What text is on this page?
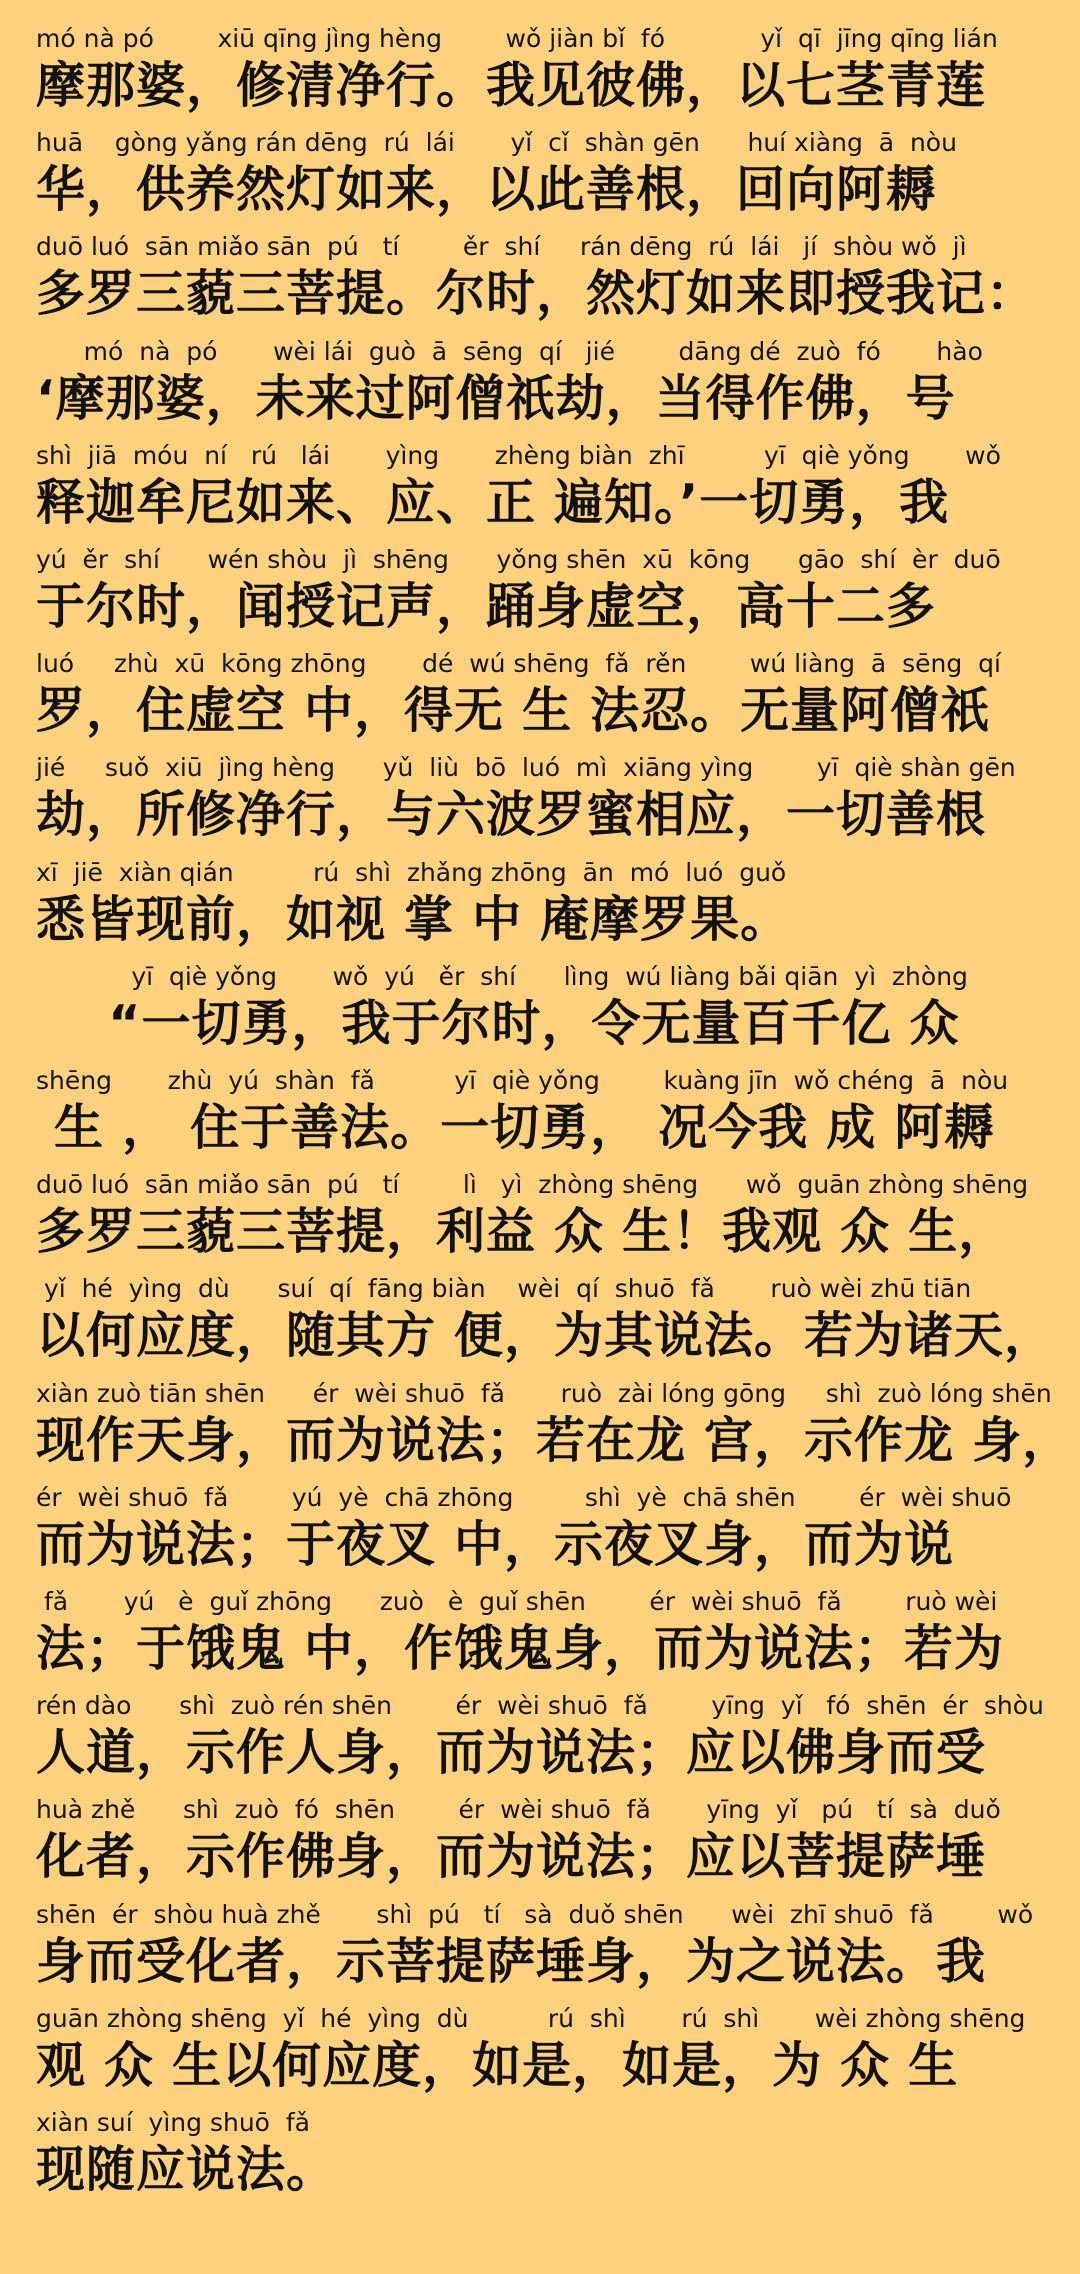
mó nà pó        xiū qīng jìng hèng        wǒ jiàn bǐ  fó            yǐ  qī  jīng qīng lián
摩那婆，修清净行。我见彼佛，以七茎青莲
huā    gòng yǎng rán dēng  rú  lái       yǐ  cǐ  shàn gēn      huí xiàng  ā  nòu
华，供养然灯如来，以此善根，回向阿耨
duō luó  sān miǎo sān  pú   tí        ěr  shí     rán dēng  rú  lái   jí  shòu wǒ  jì
多罗三藐三菩提。尔时，然灯如来即授我记：
mó  nà  pó       wèi lái  guò  ā  sēng  qí   jié        dāng dé  zuò  fó       hào
‘摩那婆，未来过阿僧祇劫，当得作佛，号
shì  jiā  móu  ní   rú   lái       yìng       zhèng biàn  zhī          yī  qiè yǒng       wǒ
释迦牟尼如来、应、正 遍知。’一切勇，我
yú  ěr  shí      wén shòu  jì  shēng      yǒng shēn  xū  kōng      gāo  shí  èr  duō
于尔时，闻授记声，踊身虚空，高十二多
luó     zhù  xū  kōng zhōng       dé  wú shēng  fǎ  rěn        wú liàng  ā  sēng  qí
罗，住虚空 中，得无 生 法忍。无量阿僧祇
jié     suǒ  xiū  jìng hèng      yǔ  liù  bō  luó  mì  xiāng yìng        yī  qiè shàn gēn
劫，所修净行，与六波罗蜜相应，一切善根
xī  jiē  xiàn qián          rú  shì  zhǎng zhōng  ān  mó  luó  guǒ
悉皆现前，如视 掌 中 庵摩罗果。
yī  qiè yǒng       wǒ  yú   ěr  shí      lìng  wú liàng bǎi qiān  yì  zhòng
“一切勇，我于尔时，令无量百千亿 众
shēng       zhù  yú  shàn  fǎ          yī  qiè yǒng        kuàng jīn  wǒ chéng  ā  nòu
生 ， 住于善法。一切勇， 况今我 成 阿耨
duō luó  sān miǎo sān  pú   tí        lì   yì  zhòng shēng      wǒ  guān zhòng shēng
多罗三藐三菩提，利益 众 生！我观 众 生，
yǐ  hé  yìng  dù      suí  qí  fāng biàn    wèi  qí  shuō  fǎ       ruò wèi zhū tiān
以何应度，随其方 便，为其说法。若为诸天，
xiàn zuò tiān shēn      ér  wèi shuō  fǎ       ruò  zài lóng gōng     shì  zuò lóng shēn
现作天身，而为说法；若在龙 宫，示作龙 身，
ér  wèi shuō  fǎ        yú  yè  chā zhōng         shì  yè  chā shēn        ér  wèi shuō
而为说法；于夜叉 中，示夜叉身，而为说
fǎ       yú   è  guǐ zhōng      zuò   è  guǐ shēn        ér  wèi shuō  fǎ        ruò wèi
法；于饿鬼 中，作饿鬼身，而为说法；若为
rén dào      shì  zuò rén shēn        ér  wèi shuō  fǎ        yīng  yǐ   fó  shēn  ér  shòu
人道，示作人身，而为说法；应以佛身而受
huà zhě      shì  zuò  fó  shēn        ér  wèi shuō  fǎ       yīng  yǐ   pú   tí  sà  duǒ
化者，示作佛身，而为说法；应以菩提萨埵
shēn  ér  shòu huà zhě       shì  pú   tí   sà  duǒ shēn      wèi  zhī shuō  fǎ        wǒ
身而受化者，示菩提萨埵身，为之说法。我
guān zhòng shēng  yǐ  hé  yìng  dù          rú  shì       rú  shì       wèi zhòng shēng
观 众 生以何应度，如是，如是，为 众 生
xiàn suí  yìng shuō  fǎ
现随应说法。
